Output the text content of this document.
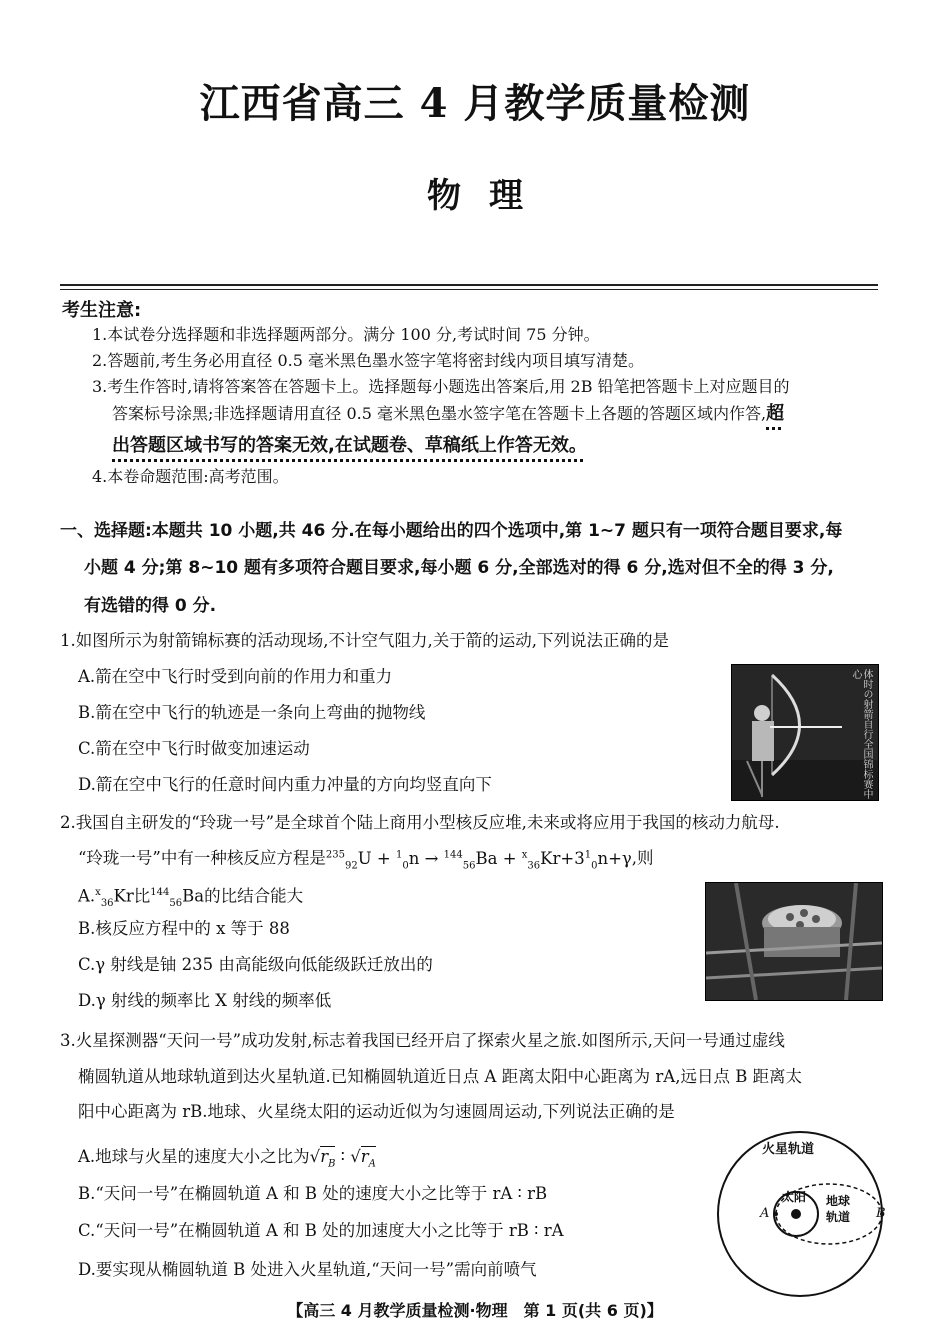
江西省高三 4 月教学质量检测
物理
考生注意:
1.本试卷分选择题和非选择题两部分。满分 100 分,考试时间 75 分钟。
2.答题前,考生务必用直径 0.5 毫米黑色墨水签字笔将密封线内项目填写清楚。
3.考生作答时,请将答案答在答题卡上。选择题每小题选出答案后,用 2B 铅笔把答题卡上对应题目的
答案标号涂黑;非选择题请用直径 0.5 毫米黑色墨水签字笔在答题卡上各题的答题区域内作答,超
出答题区域书写的答案无效,在试题卷、草稿纸上作答无效。
4.本卷命题范围:高考范围。
一、选择题:本题共 10 小题,共 46 分.在每小题给出的四个选项中,第 1~7 题只有一项符合题目要求,每
小题 4 分;第 8~10 题有多项符合题目要求,每小题 6 分,全部选对的得 6 分,选对但不全的得 3 分,
有选错的得 0 分.
1.如图所示为射箭锦标赛的活动现场,不计空气阻力,关于箭的运动,下列说法正确的是
A.箭在空中飞行时受到向前的作用力和重力
B.箭在空中飞行的轨迹是一条向上弯曲的抛物线
C.箭在空中飞行时做变加速运动
D.箭在空中飞行的任意时间内重力冲量的方向均竖直向下	体时の射箭自行全国锦标赛中心
2.我国自主研发的“玲珑一号”是全球首个陆上商用小型核反应堆,未来或将应用于我国的核动力航母.
“玲珑一号”中有一种核反应方程是$^{235}_{92}U + ^1_0n \to ^{144}_{56}Ba + ^x_{36}Kr+3^1_0n+\gamma$,则
A.$^x_{36}$Kr比$^{144}_{56}$Ba的比结合能大
B.核反应方程中的 x 等于 88
C.γ 射线是铀 235 由高能级向低能级跃迁放出的
D.γ 射线的频率比 X 射线的频率低
3.火星探测器“天问一号”成功发射,标志着我国已经开启了探索火星之旅.如图所示,天问一号通过虚线
椭圆轨道从地球轨道到达火星轨道.已知椭圆轨道近日点 A 距离太阳中心距离为 rA,远日点 B 距离太
阳中心距离为 rB.地球、火星绕太阳的运动近似为匀速圆周运动,下列说法正确的是
A.地球与火星的速度大小之比为$√r_B$ ∶ $√r_A$
B.“天问一号”在椭圆轨道 A 和 B 处的速度大小之比等于 rA ∶ rB
C.“天问一号”在椭圆轨道 A 和 B 处的加速度大小之比等于 rB ∶ rA
D.要实现从椭圆轨道 B 处进入火星轨道,“天问一号”需向前喷气
火星轨道
太阳 地球
轨道
A	B
【高三 4 月教学质量检测·物理　第 1 页(共 6 页)】
